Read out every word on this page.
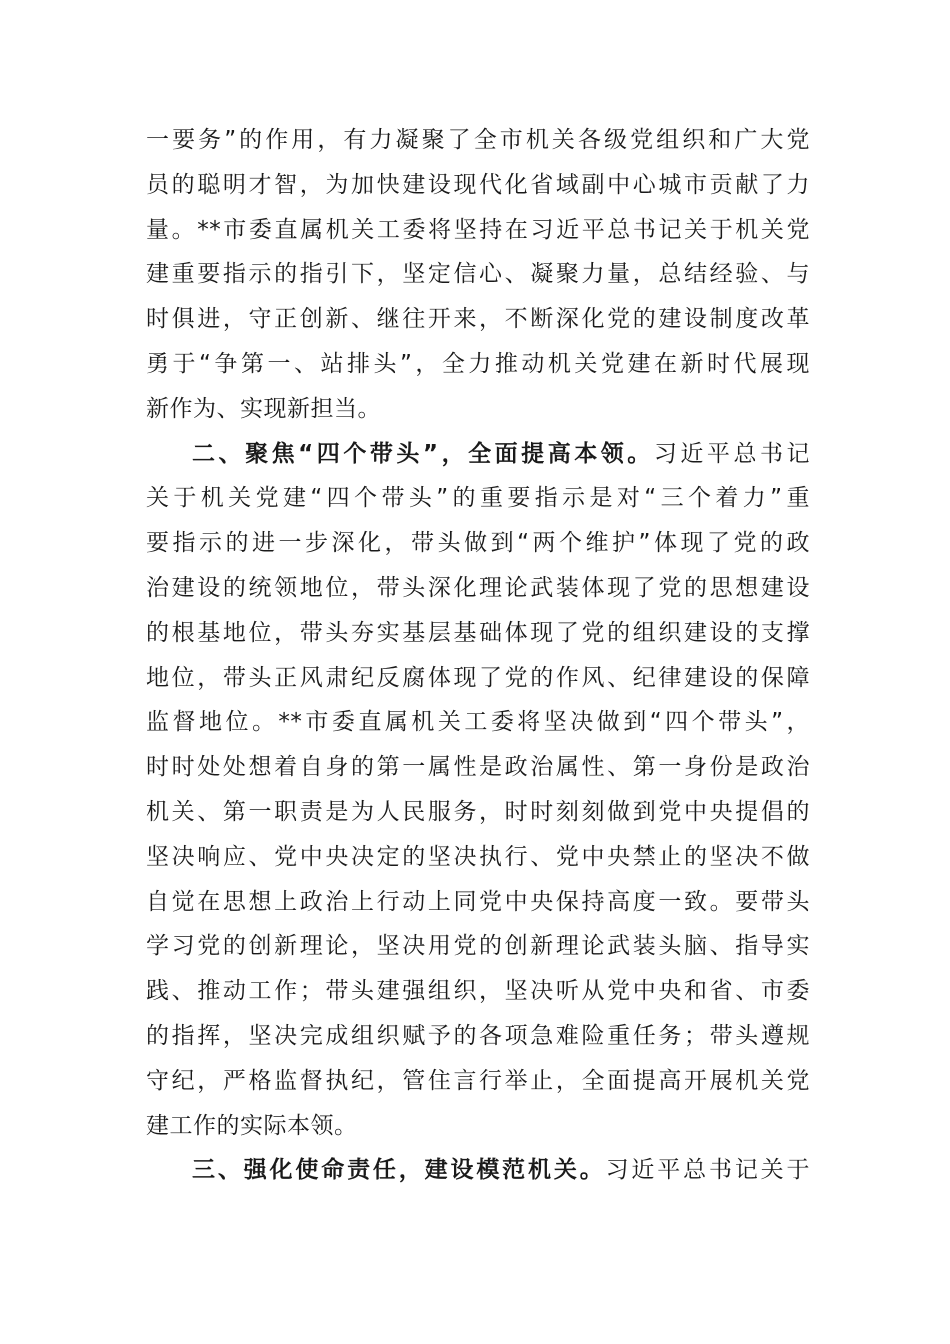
一要务”的作用，有力凝聚了全市机关各级党组织和广大党
员的聪明才智，为加快建设现代化省域副中心城市贡献了力
量。**市委直属机关工委将坚持在习近平总书记关于机关党
建重要指示的指引下，坚定信心、凝聚力量，总结经验、与
时俱进，守正创新、继往开来，不断深化党的建设制度改革
勇于“争第一、站排头”，全力推动机关党建在新时代展现
新作为、实现新担当。
二、聚焦“四个带头”，全面提高本领。习近平总书记
关于机关党建“四个带头”的重要指示是对“三个着力”重
要指示的进一步深化，带头做到“两个维护”体现了党的政
治建设的统领地位，带头深化理论武装体现了党的思想建设
的根基地位，带头夯实基层基础体现了党的组织建设的支撑
地位，带头正风肃纪反腐体现了党的作风、纪律建设的保障
监督地位。**市委直属机关工委将坚决做到“四个带头”，
时时处处想着自身的第一属性是政治属性、第一身份是政治
机关、第一职责是为人民服务，时时刻刻做到党中央提倡的
坚决响应、党中央决定的坚决执行、党中央禁止的坚决不做
自觉在思想上政治上行动上同党中央保持高度一致。要带头
学习党的创新理论，坚决用党的创新理论武装头脑、指导实
践、推动工作；带头建强组织，坚决听从党中央和省、市委
的指挥，坚决完成组织赋予的各项急难险重任务；带头遵规
守纪，严格监督执纪，管住言行举止，全面提高开展机关党
建工作的实际本领。
三、强化使命责任，建设模范机关。习近平总书记关于
